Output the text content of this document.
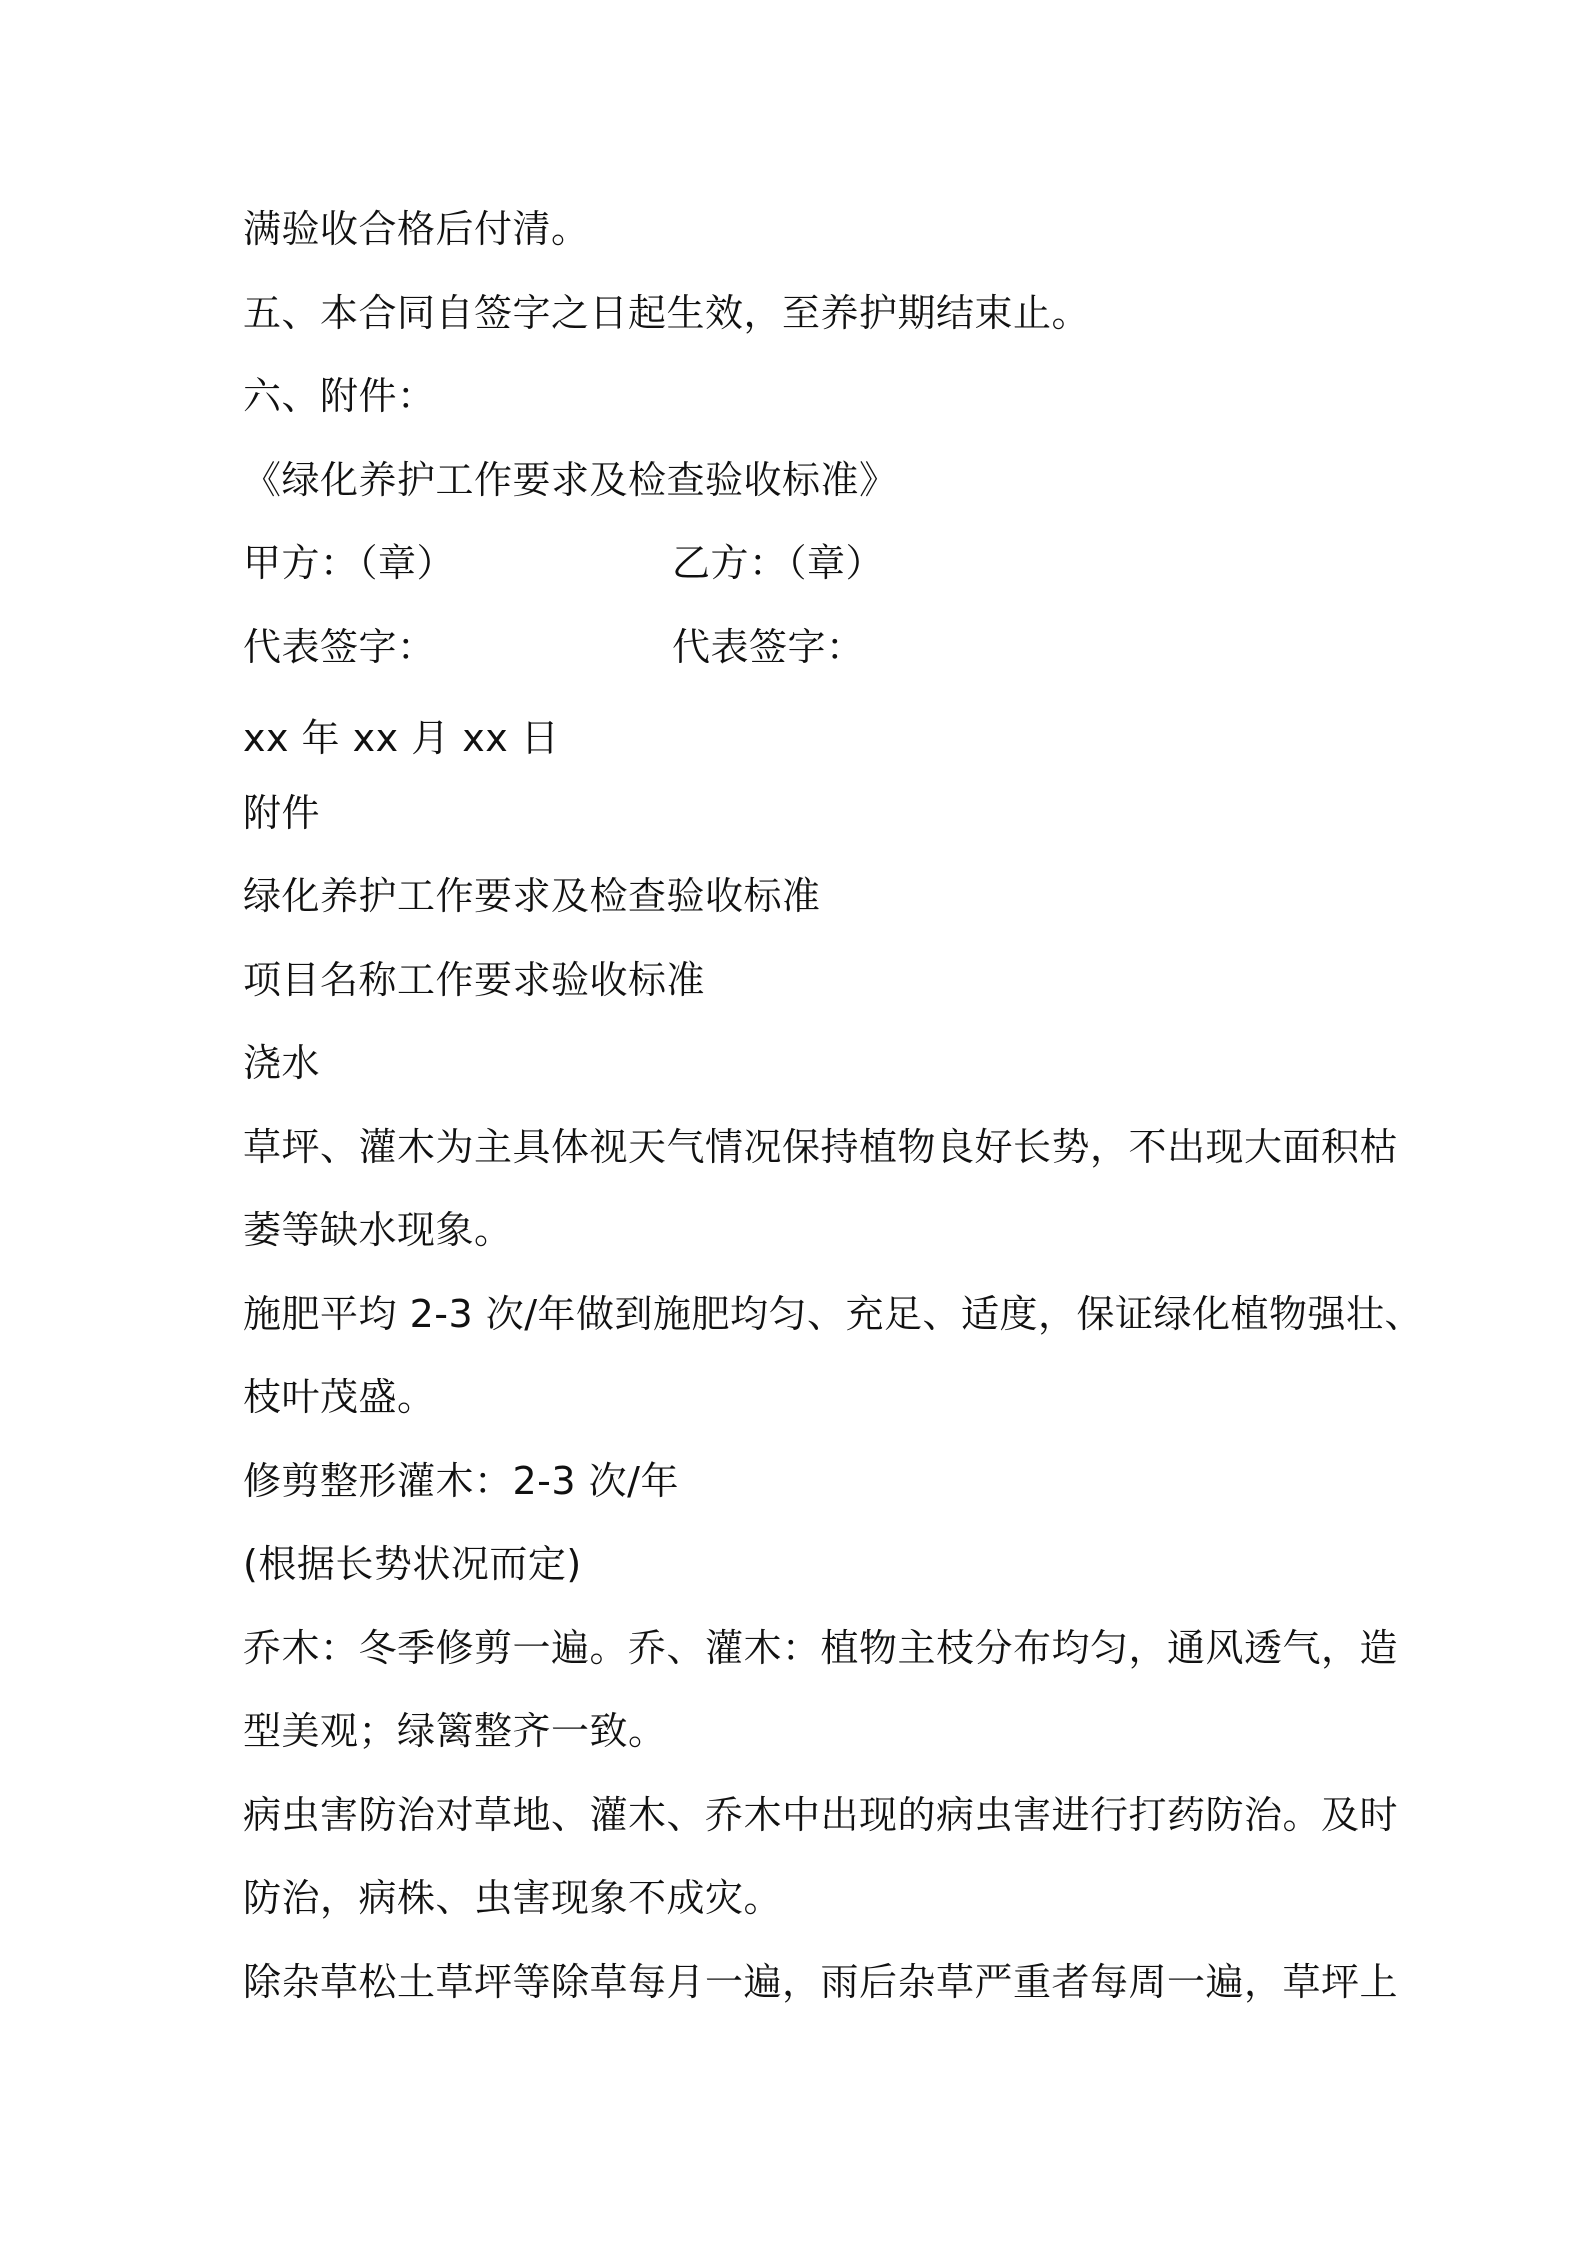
满验收合格后付清。
五、本合同自签字之日起生效，至养护期结束止。
六、附件：
《绿化养护工作要求及检查验收标准》
甲方：（章）	乙方：（章）
代表签字：	代表签字：
xx 年 xx 月 xx 日
附件
绿化养护工作要求及检查验收标准
项目名称工作要求验收标准
浇水
草坪、灌木为主具体视天气情况保持植物良好长势，不出现大面积枯
萎等缺水现象。
施肥平均 2-3 次/年做到施肥均匀、充足、适度，保证绿化植物强壮、
枝叶茂盛。
修剪整形灌木：2-3 次/年
(根据长势状况而定)
乔木：冬季修剪一遍。乔、灌木：植物主枝分布均匀，通风透气，造
型美观；绿篱整齐一致。
病虫害防治对草地、灌木、乔木中出现的病虫害进行打药防治。及时
防治，病株、虫害现象不成灾。
除杂草松土草坪等除草每月一遍，雨后杂草严重者每周一遍，草坪上
